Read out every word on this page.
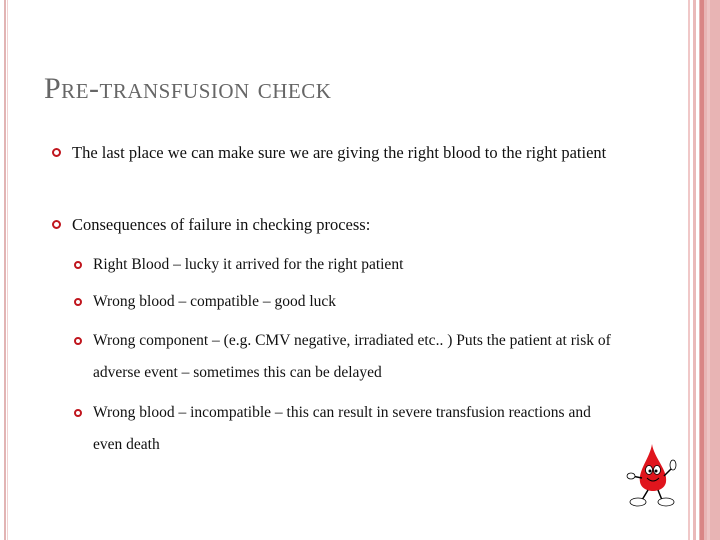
Pre-transfusion check
The last place we can make sure we are giving the right blood to the right patient
Consequences of failure in checking process:
Right Blood – lucky it arrived for the right patient
Wrong blood – compatible – good luck
Wrong component – (e.g. CMV negative, irradiated etc.. ) Puts the patient at risk of adverse event – sometimes this can be delayed
Wrong blood – incompatible – this can result in severe transfusion reactions and even death
